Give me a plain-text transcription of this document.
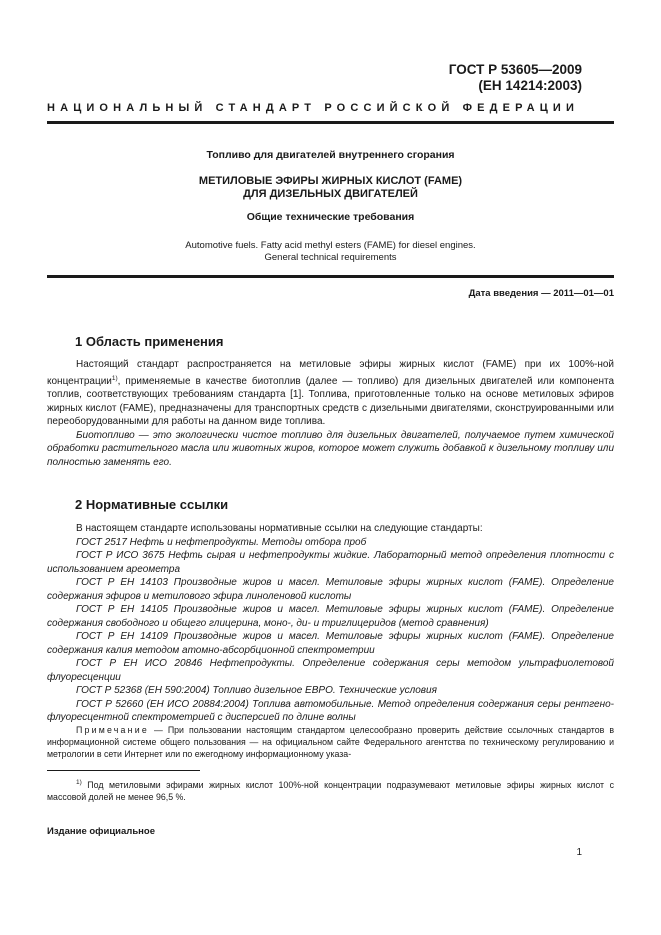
ГОСТ Р 53605—2009
(ЕН 14214:2003)
НАЦИОНАЛЬНЫЙ СТАНДАРТ РОССИЙСКОЙ ФЕДЕРАЦИИ
Топливо для двигателей внутреннего сгорания
МЕТИЛОВЫЕ ЭФИРЫ ЖИРНЫХ КИСЛОТ (FAME)
ДЛЯ ДИЗЕЛЬНЫХ ДВИГАТЕЛЕЙ
Общие технические требования
Automotive fuels. Fatty acid methyl esters (FAME) for diesel engines.
General technical requirements
Дата введения — 2011—01—01
1 Область применения

Настоящий стандарт распространяется на метиловые эфиры жирных кислот (FAME) при их 100%-ной концентрации$^{1)}$, применяемые в качестве биотоплив (далее — топливо) для дизельных двигателей или компонента топлив, соответствующих требованиям стандарта [1]. Топлива, приготовленные только на основе метиловых эфиров жирных кислот (FAME), предназначены для транспортных средств с дизельными двигателями, сконструированными или переоборудованными для работы на данном виде топлива.

Биотопливо — это экологически чистое топливо для дизельных двигателей, получаемое путем химической обработки растительного масла или животных жиров, которое может служить добавкой к дизельному топливу или полностью заменять его.

2 Нормативные ссылки

В настоящем стандарте использованы нормативные ссылки на следующие стандарты:

ГОСТ 2517 Нефть и нефтепродукты. Методы отбора проб

ГОСТ Р ИСО 3675 Нефть сырая и нефтепродукты жидкие. Лабораторный метод определения плотности с использованием ареометра

ГОСТ Р ЕН 14103 Производные жиров и масел. Метиловые эфиры жирных кислот (FAME). Определение содержания эфиров и метилового эфира линоленовой кислоты

ГОСТ Р ЕН 14105 Производные жиров и масел. Метиловые эфиры жирных кислот (FAME). Определение содержания свободного и общего глицерина, моно-, ди- и триглицеридов (метод сравнения)

ГОСТ Р ЕН 14109 Производные жиров и масел. Метиловые эфиры жирных кислот (FAME). Определение содержания калия методом атомно-абсорбционной спектрометрии

ГОСТ Р ЕН ИСО 20846 Нефтепродукты. Определение содержания серы методом ультрафиолетовой флуоресценции

ГОСТ Р 52368 (ЕН 590:2004) Топливо дизельное ЕВРО. Технические условия

ГОСТ Р 52660 (ЕН ИСО 20884:2004) Топлива автомобильные. Метод определения содержания серы рентгено-флуоресцентной спектрометрией с дисперсией по длине волны

Примечание — При пользовании настоящим стандартом целесообразно проверить действие ссылочных стандартов в информационной системе общего пользования — на официальном сайте Федерального агентства по техническому регулированию и метрологии в сети Интернет или по ежегодному информационному указа-

$^{1)}$ Под метиловыми эфирами жирных кислот 100%-ной концентрации подразумевают метиловые эфиры жирных кислот с массовой долей не менее 96,5 %.

Издание официальное
1
